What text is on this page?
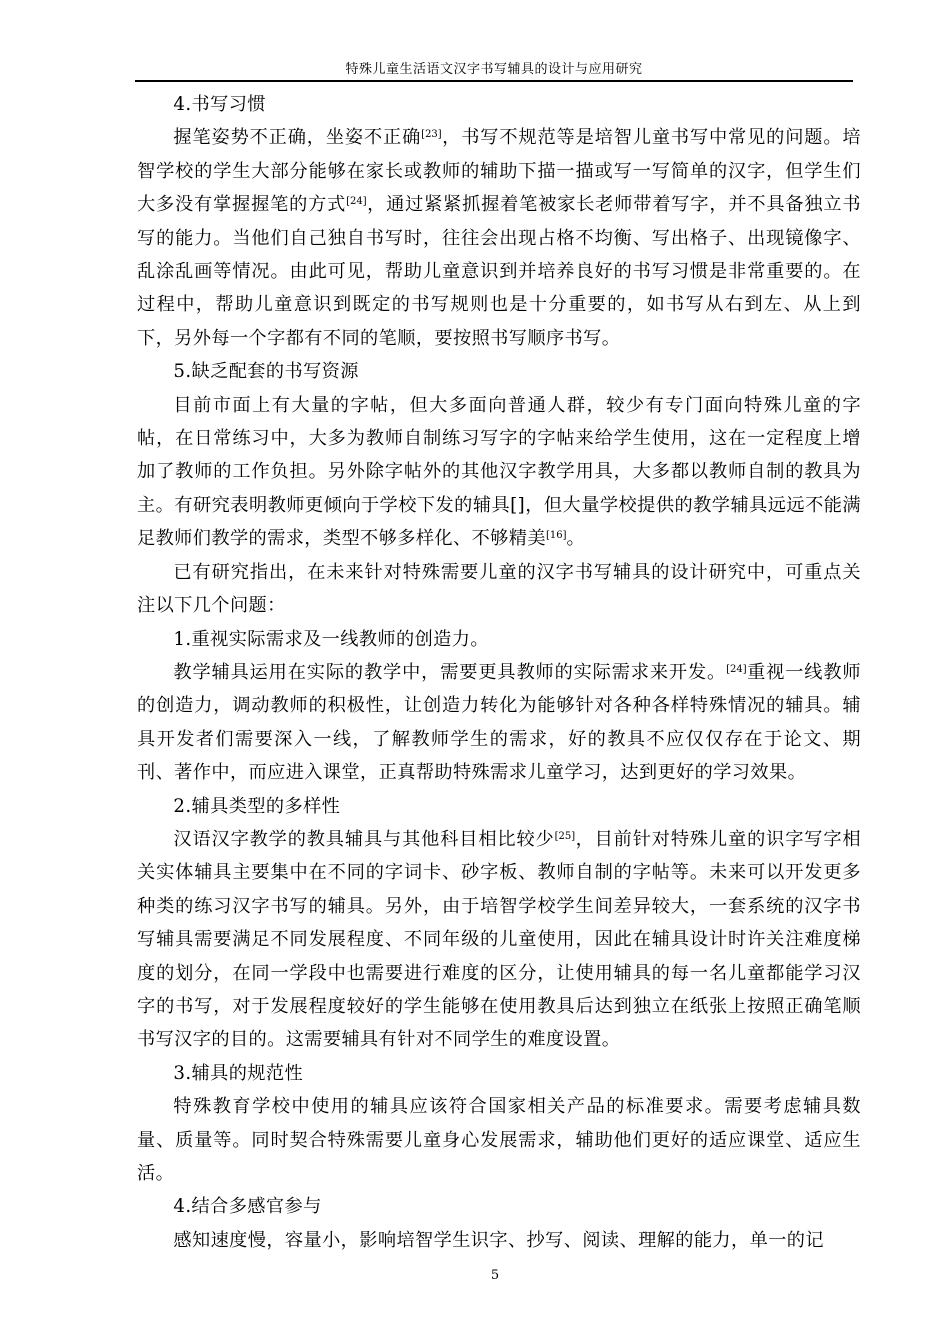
特殊儿童生活语文汉字书写辅具的设计与应用研究

4.书写习惯

握笔姿势不正确，坐姿不正确[23]，书写不规范等是培智儿童书写中常见的问题。培智学校的学生大部分能够在家长或教师的辅助下描一描或写一写简单的汉字，但学生们大多没有掌握握笔的方式[24]，通过紧紧抓握着笔被家长老师带着写字，并不具备独立书写的能力。当他们自己独自书写时，往往会出现占格不均衡、写出格子、出现镜像字、乱涂乱画等情况。由此可见，帮助儿童意识到并培养良好的书写习惯是非常重要的。在过程中，帮助儿童意识到既定的书写规则也是十分重要的，如书写从右到左、从上到下，另外每一个字都有不同的笔顺，要按照书写顺序书写。

5.缺乏配套的书写资源

目前市面上有大量的字帖，但大多面向普通人群，较少有专门面向特殊儿童的字帖，在日常练习中，大多为教师自制练习写字的字帖来给学生使用，这在一定程度上增加了教师的工作负担。另外除字帖外的其他汉字教学用具，大多都以教师自制的教具为主。有研究表明教师更倾向于学校下发的辅具[]，但大量学校提供的教学辅具远远不能满足教师们教学的需求，类型不够多样化、不够精美[16]。

已有研究指出，在未来针对特殊需要儿童的汉字书写辅具的设计研究中，可重点关注以下几个问题：

1.重视实际需求及一线教师的创造力。

教学辅具运用在实际的教学中，需要更具教师的实际需求来开发。[24]重视一线教师的创造力，调动教师的积极性，让创造力转化为能够针对各种各样特殊情况的辅具。辅具开发者们需要深入一线，了解教师学生的需求，好的教具不应仅仅存在于论文、期刊、著作中，而应进入课堂，正真帮助特殊需求儿童学习，达到更好的学习效果。

2.辅具类型的多样性

汉语汉字教学的教具辅具与其他科目相比较少[25]，目前针对特殊儿童的识字写字相关实体辅具主要集中在不同的字词卡、砂字板、教师自制的字帖等。未来可以开发更多种类的练习汉字书写的辅具。另外，由于培智学校学生间差异较大，一套系统的汉字书写辅具需要满足不同发展程度、不同年级的儿童使用，因此在辅具设计时许关注难度梯度的划分，在同一学段中也需要进行难度的区分，让使用辅具的每一名儿童都能学习汉字的书写，对于发展程度较好的学生能够在使用教具后达到独立在纸张上按照正确笔顺书写汉字的目的。这需要辅具有针对不同学生的难度设置。

3.辅具的规范性

特殊教育学校中使用的辅具应该符合国家相关产品的标准要求。需要考虑辅具数量、质量等。同时契合特殊需要儿童身心发展需求，辅助他们更好的适应课堂、适应生活。

4.结合多感官参与

感知速度慢，容量小，影响培智学生识字、抄写、阅读、理解的能力，单一的记

5
